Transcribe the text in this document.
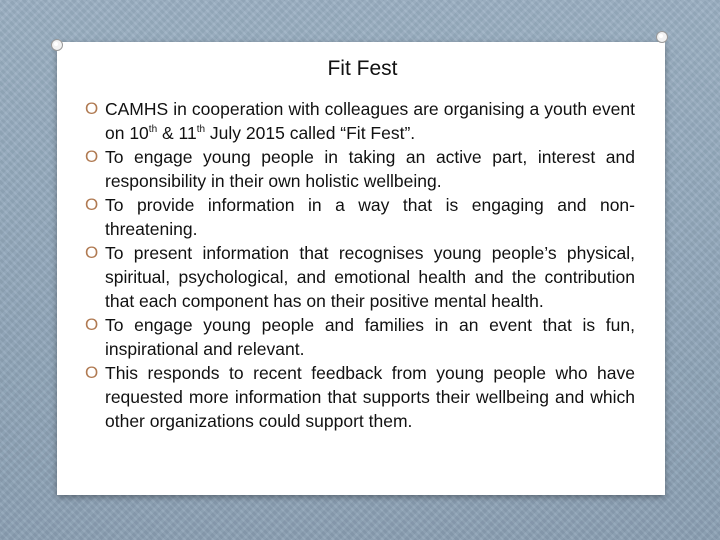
Fit Fest
O CAMHS in cooperation with colleagues are organising a youth event on 10th & 11th July 2015 called “Fit Fest”.
O To engage young people in taking an active part, interest and responsibility in their own holistic wellbeing.
O To provide information in a way that is engaging and non-threatening.
O To present information that recognises young people’s physical, spiritual, psychological, and emotional health and the contribution that each component has on their positive mental health.
O To engage young people and families in an event that is fun, inspirational and relevant.
O This responds to recent feedback from young people who have requested more information that supports their wellbeing and which other organizations could support them.
